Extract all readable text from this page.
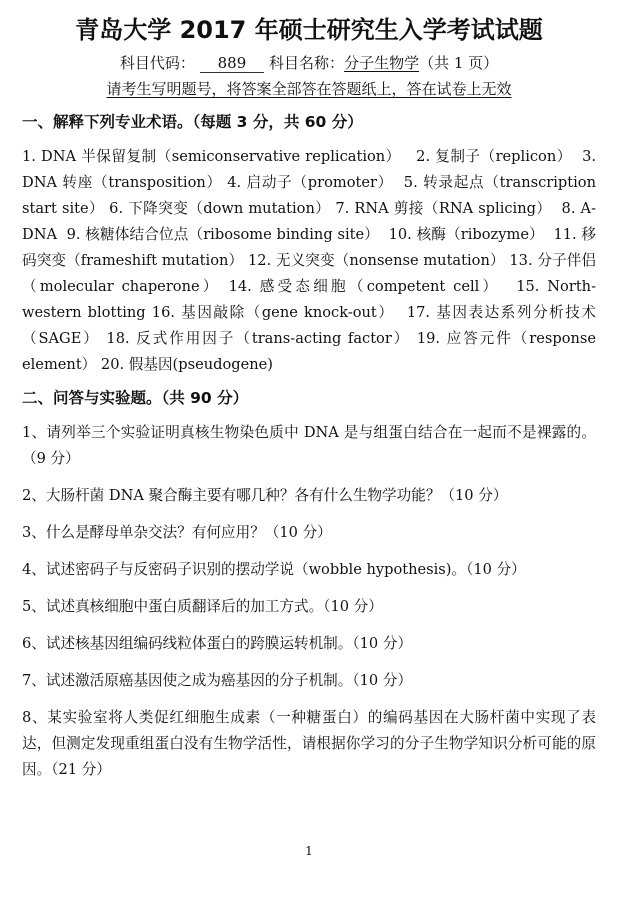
青岛大学 2017 年硕士研究生入学考试试题
科目代码： 889 科目名称：分子生物学（共 1 页）
请考生写明题号，将答案全部答在答题纸上，答在试卷上无效
一、解释下列专业术语。（每题 3 分，共 60 分）
1. DNA 半保留复制（semiconservative replication） 2. 复制子（replicon） 3. DNA 转座（transposition） 4. 启动子（promoter） 5. 转录起点（transcription start site） 6. 下降突变（down mutation） 7. RNA 剪接（RNA splicing） 8. A-DNA 9. 核糖体结合位点（ribosome binding site） 10. 核酶（ribozyme） 11. 移码突变（frameshift mutation） 12. 无义突变（nonsense mutation） 13. 分子伴侣（molecular chaperone） 14. 感受态细胞（competent cell） 15. North-western blotting 16. 基因敲除（gene knock-out） 17. 基因表达系列分析技术（SAGE） 18. 反式作用因子（trans-acting factor） 19. 应答元件（response element） 20. 假基因(pseudogene)
二、问答与实验题。（共 90 分）
1、请列举三个实验证明真核生物染色质中 DNA 是与组蛋白结合在一起而不是裸露的。（9 分）
2、大肠杆菌 DNA 聚合酶主要有哪几种？各有什么生物学功能？（10 分）
3、什么是酵母单杂交法？有何应用？（10 分）
4、试述密码子与反密码子识别的摆动学说（wobble hypothesis)。（10 分）
5、试述真核细胞中蛋白质翻译后的加工方式。（10 分）
6、试述核基因组编码线粒体蛋白的跨膜运转机制。（10 分）
7、试述激活原癌基因使之成为癌基因的分子机制。（10 分）
8、某实验室将人类促红细胞生成素（一种糖蛋白）的编码基因在大肠杆菌中实现了表达，但测定发现重组蛋白没有生物学活性，请根据你学习的分子生物学知识分析可能的原因。（21 分）
1
